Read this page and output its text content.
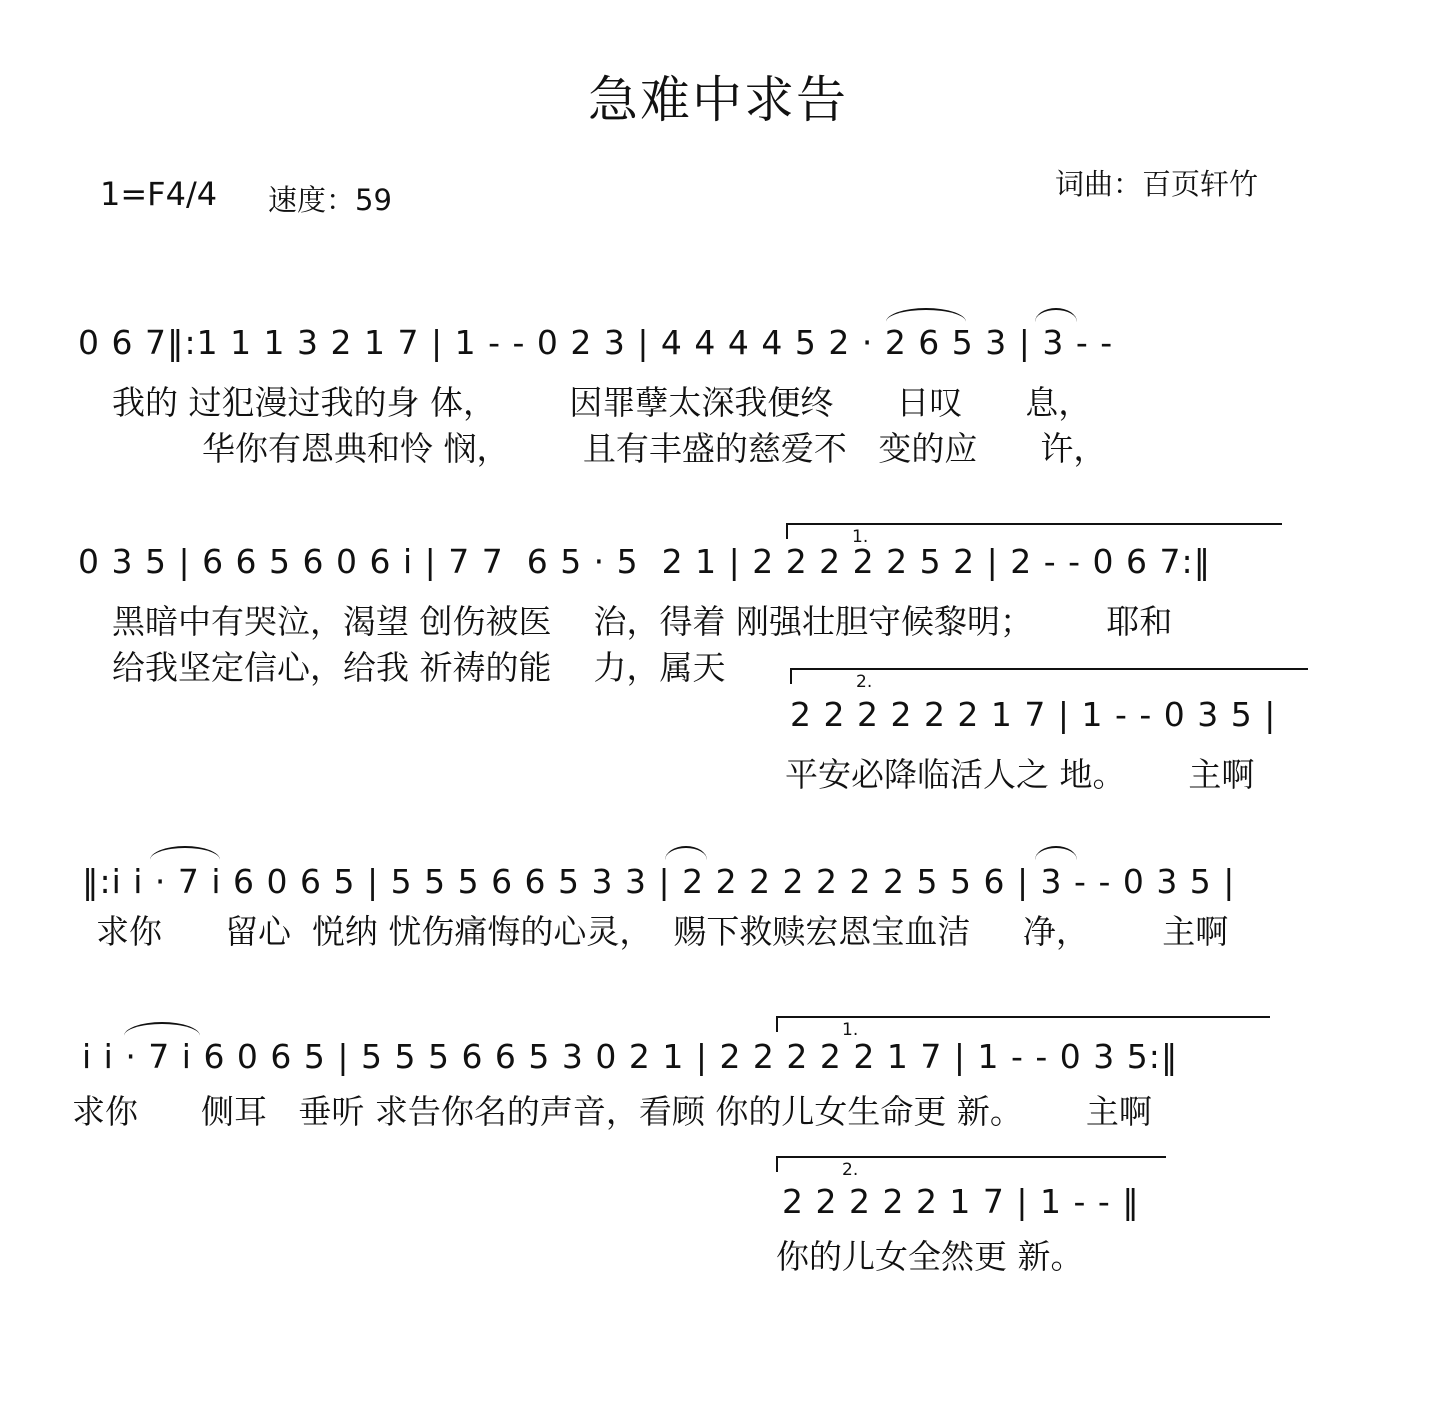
急难中求告
1=F4/4 速度：59	词曲：百页轩竹
0 6 7‖:1 1 1 3 2 1 7 | 1 - - 0 2 3 | 4 4 4 4 5 2 · 2 6 5 3 | 3 - -
我的 过犯漫过我的身 体，       因罪孽太深我便终      日叹      息，
华你有恩典和怜 悯，       且有丰盛的慈爱不   变的应      许，
1.
0 3 5 | 6 6 5 6 0 6 i | 7 7  6 5 · 5  2 1 | 2 2 2 2 2 5 2 | 2 - - 0 6 7:‖
黑暗中有哭泣，渴望 创伤被医    治，得着 刚强壮胆守候黎明；       耶和
给我坚定信心，给我 祈祷的能    力，属天	2.
2 2 2 2 2 2 1 7 | 1 - - 0 3 5 |
平安必降临活人之 地。      主啊
‖:i i · 7 i 6 0 6 5 | 5 5 5 6 6 5 3 3 | 2 2 2 2 2 2 2 5 5 6 | 3 - - 0 3 5 |
求你      留心  悦纳 忧伤痛悔的心灵，  赐下救赎宏恩宝血洁     净，       主啊
1.
i i · 7 i 6 0 6 5 | 5 5 5 6 6 5 3 0 2 1 | 2 2 2 2 2 1 7 | 1 - - 0 3 5:‖
求你      侧耳   垂听 求告你名的声音，看顾 你的儿女生命更 新。      主啊
2.
2 2 2 2 2 1 7 | 1 - - ‖
你的儿女全然更 新。
